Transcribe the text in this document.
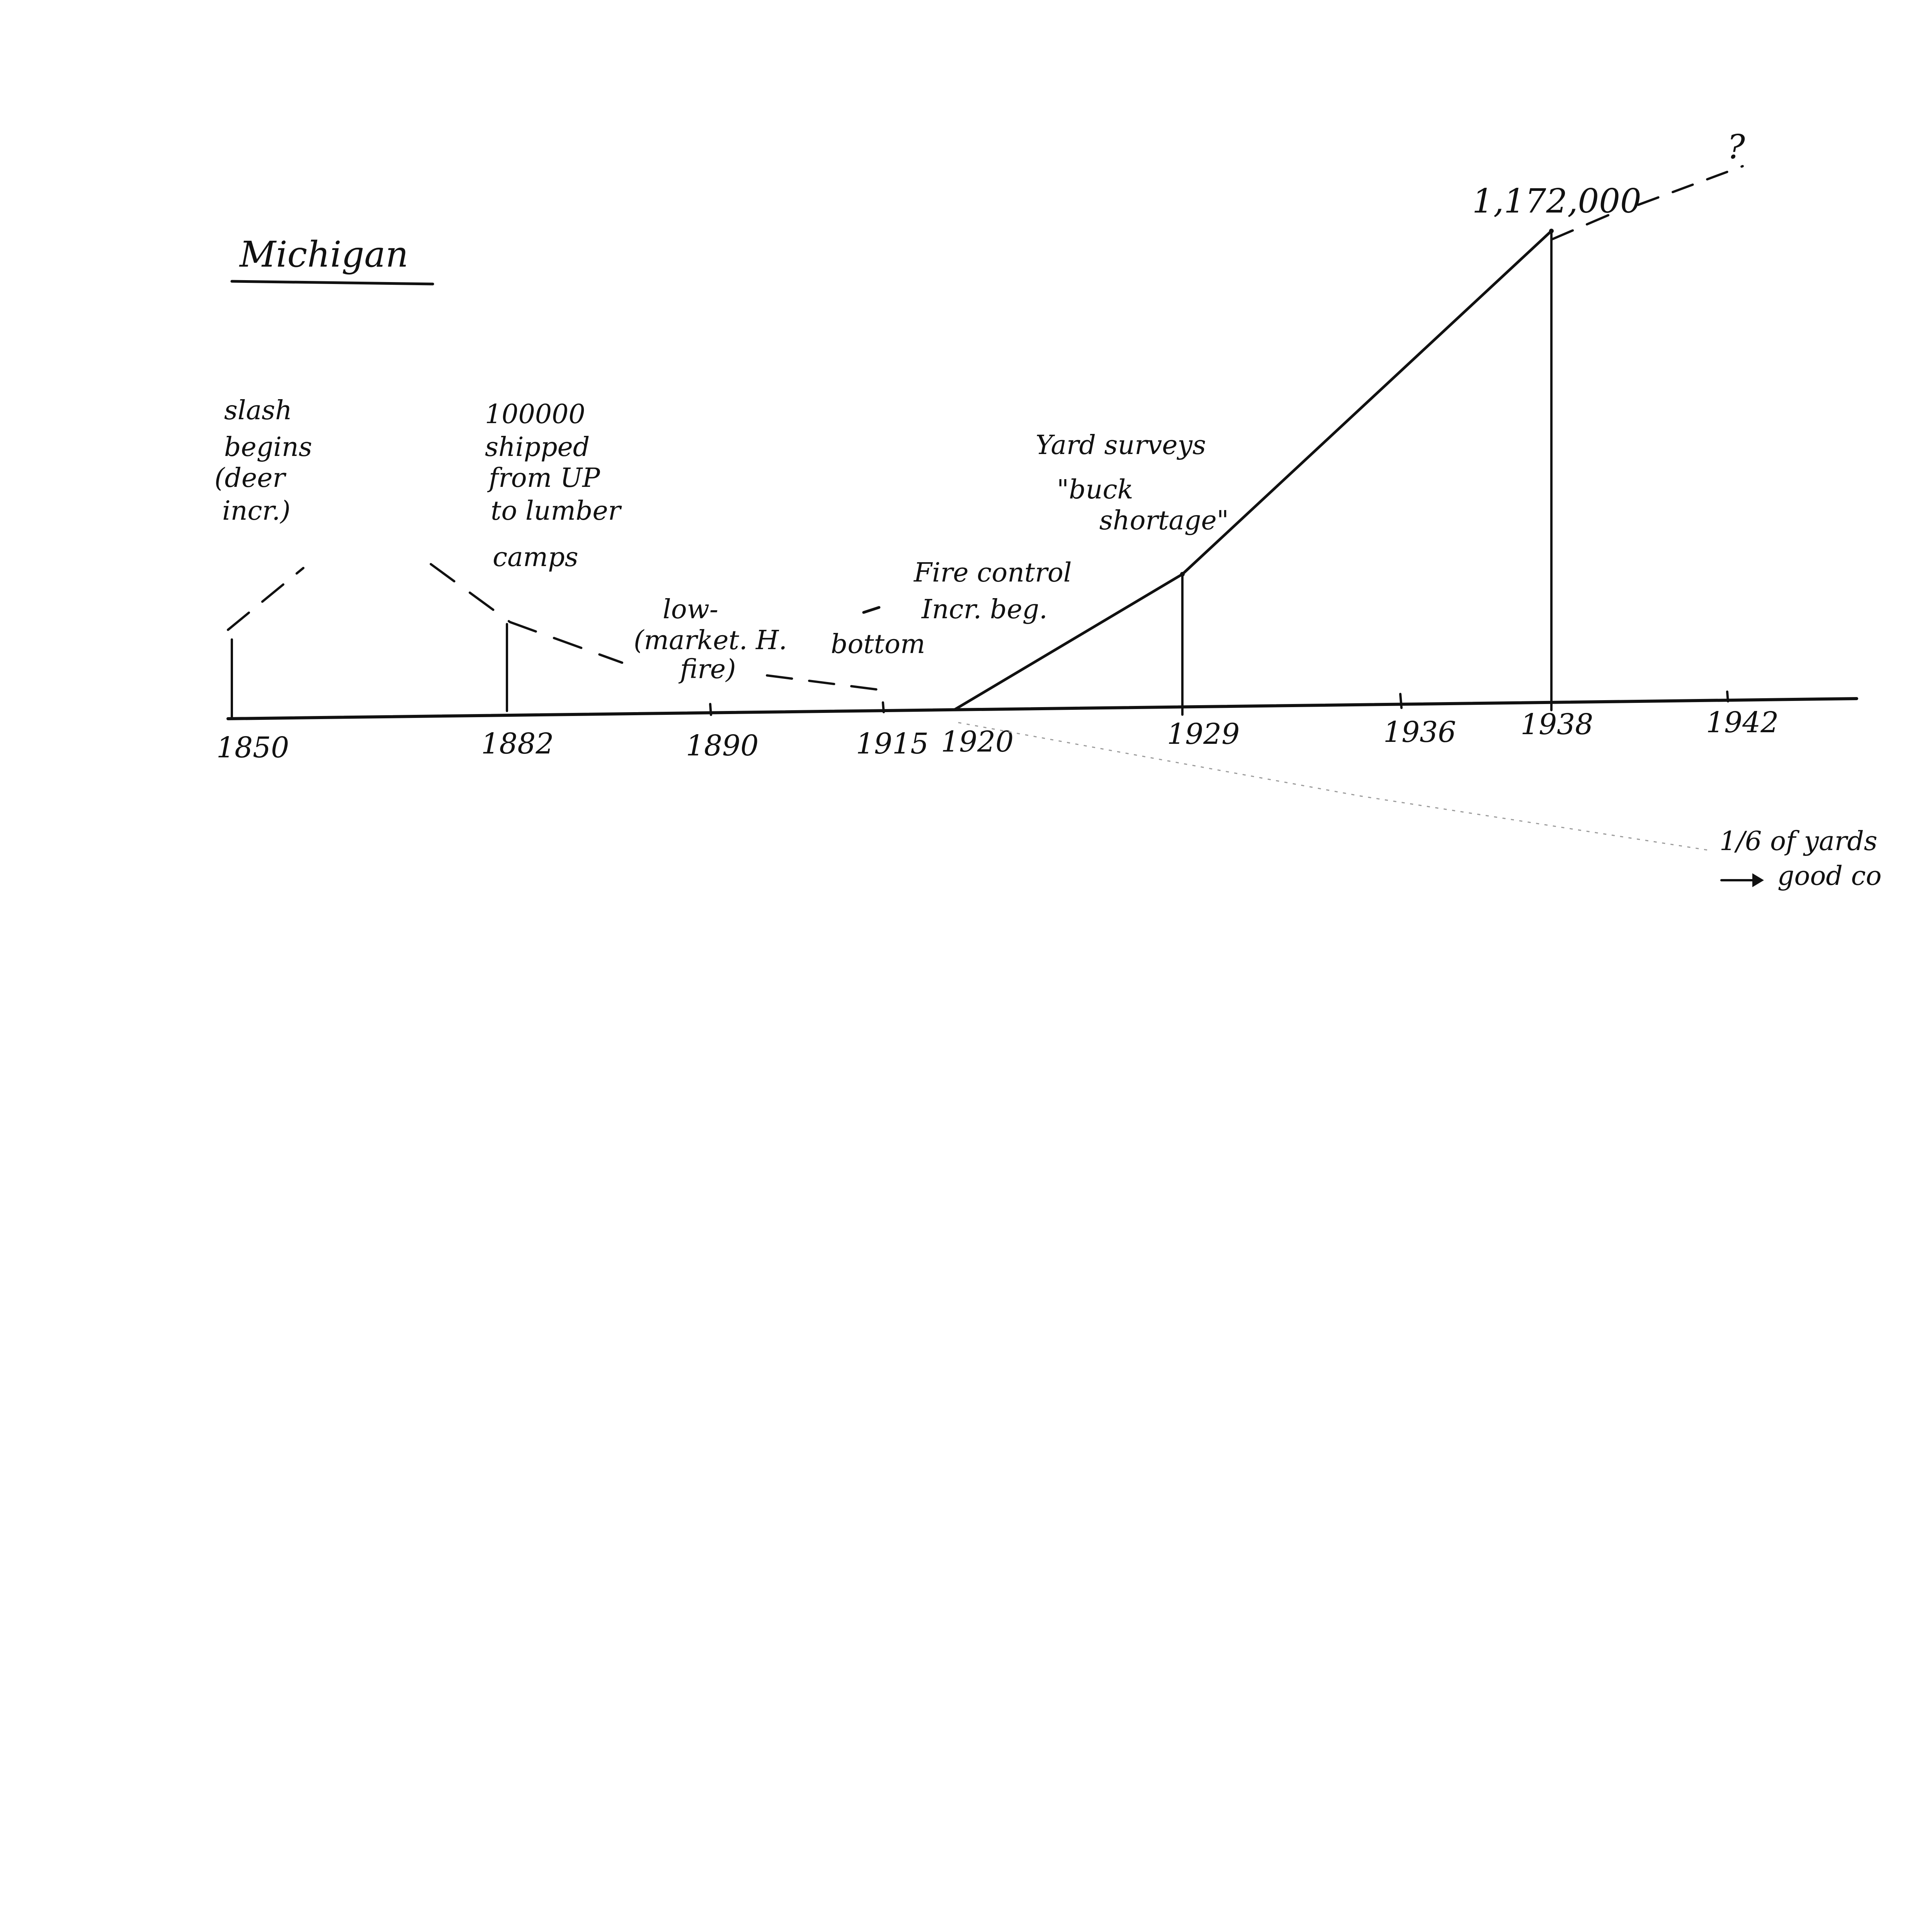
Michigan
1850	1882	1890	1915 1920	1929	1936 1938	1942
1,172,000
?
slash begins (deer incr.)
100000 shipped from UP to lumber camps
low- (market. H. fire)
bottom
Fire control Incr. beg.
Yard surveys
"buck shortage"
1/6 of yards good co
